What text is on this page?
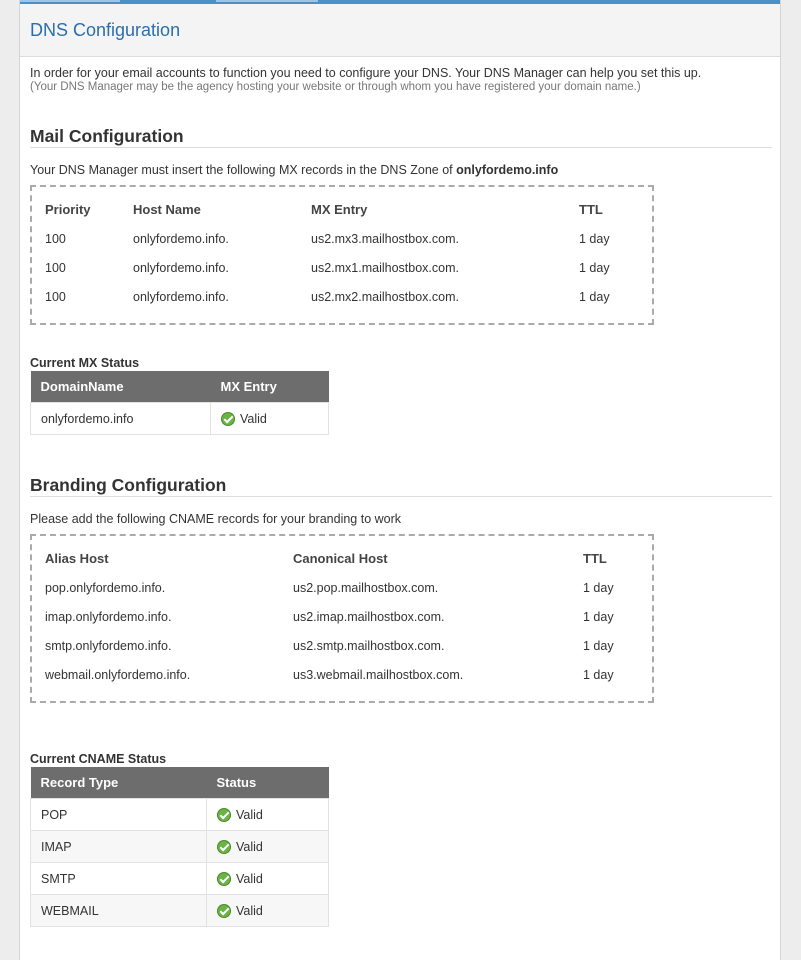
DNS Configuration
In order for your email accounts to function you need to configure your DNS. Your DNS Manager can help you set this up.
(Your DNS Manager may be the agency hosting your website or through whom you have registered your domain name.)
Mail Configuration
Your DNS Manager must insert the following MX records in the DNS Zone of onlyfordemo.info
Priority	Host Name	MX Entry	TTL
100	onlyfordemo.info.	us2.mx3.mailhostbox.com.	1 day
100	onlyfordemo.info.	us2.mx1.mailhostbox.com.	1 day
100	onlyfordemo.info.	us2.mx2.mailhostbox.com.	1 day
Current MX Status
DomainName	MX Entry
onlyfordemo.info	Valid
Branding Configuration
Please add the following CNAME records for your branding to work
Alias Host	Canonical Host	TTL
pop.onlyfordemo.info.	us2.pop.mailhostbox.com.	1 day
imap.onlyfordemo.info.	us2.imap.mailhostbox.com.	1 day
smtp.onlyfordemo.info.	us2.smtp.mailhostbox.com.	1 day
webmail.onlyfordemo.info.	us3.webmail.mailhostbox.com.	1 day
Current CNAME Status
Record Type	Status
POP	Valid
IMAP	Valid
SMTP	Valid
WEBMAIL	Valid
